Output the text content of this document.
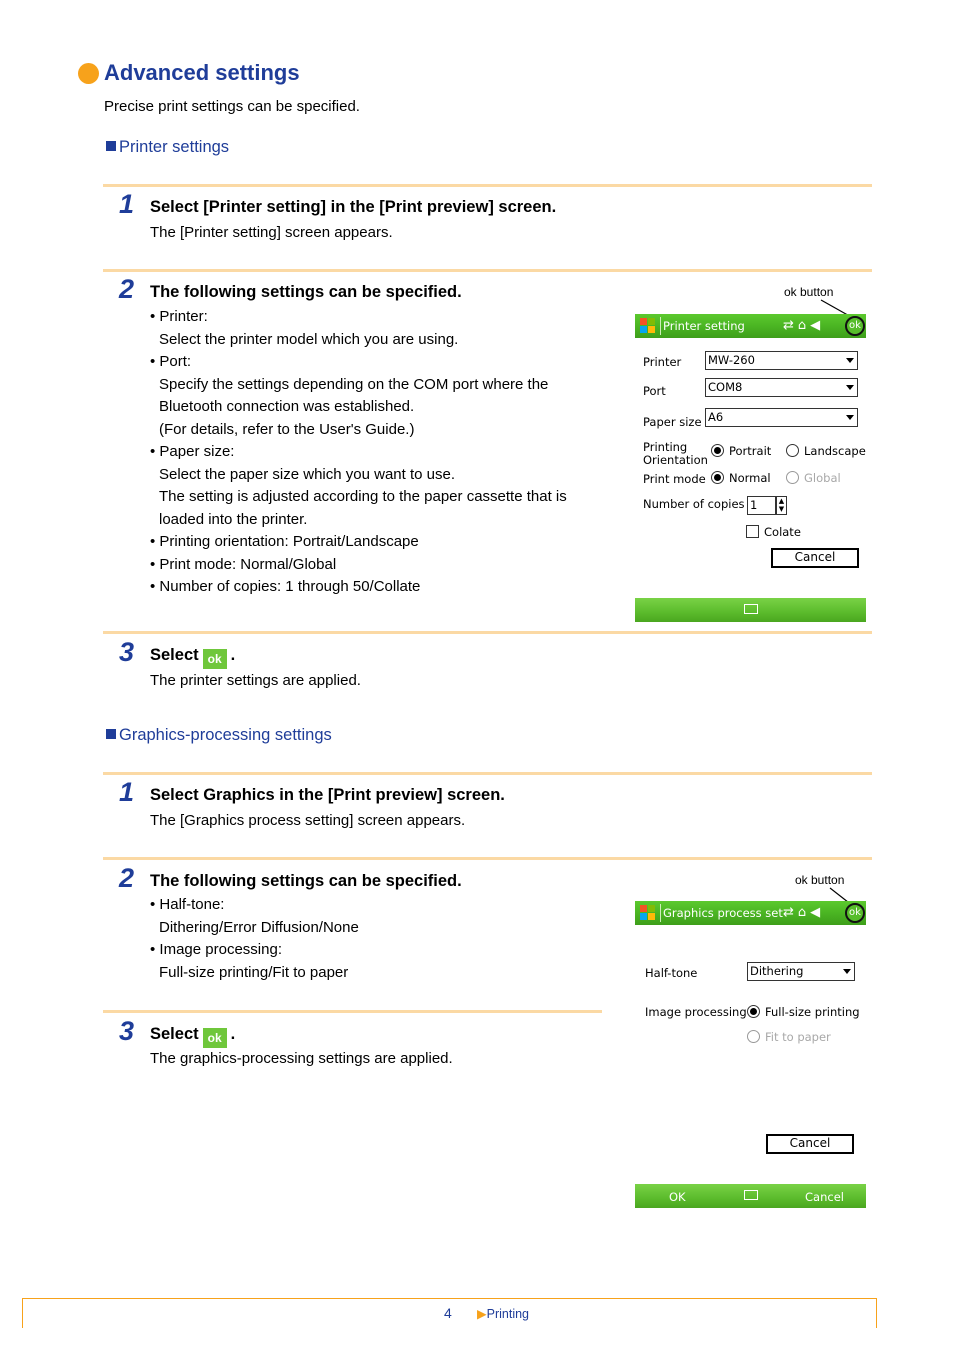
Advanced settings
Precise print settings can be specified.
Printer settings
1 Select [Printer setting] in the [Print preview] screen.
The [Printer setting] screen appears.
2 The following settings can be specified.
• Printer:
Select the printer model which you are using.
• Port:
Specify the settings depending on the COM port where the
Bluetooth connection was established.
(For details, refer to the User's Guide.)
• Paper size:
Select the paper size which you want to use.
The setting is adjusted according to the paper cassette that is
loaded into the printer.
• Printing orientation: Portrait/Landscape
• Print mode: Normal/Global
• Number of copies: 1 through 50/Collate
3 Select ok .
The printer settings are applied.
ok button
Printer setting	⇄⌂◀	ok
Printer MW-260
Port	COM8
Paper size A6
Printing
Orientation
Portrait	Landscape
Print mode Normal	Global
Number of copies 1	▲
▼
Colate
Cancel
Graphics-processing settings
1 Select Graphics in the [Print preview] screen.
The [Graphics process setting] screen appears.
2 The following settings can be specified.
• Half-tone:
Dithering/Error Diffusion/None
• Image processing:
Full-size printing/Fit to paper
3 Select ok .
The graphics-processing settings are applied.
ok button
Graphics process set ⇄⌂◀	ok
Half-tone	Dithering
Image processing Full-size printing
Fit to paper
Cancel
OK	Cancel
4 ▶Printing
